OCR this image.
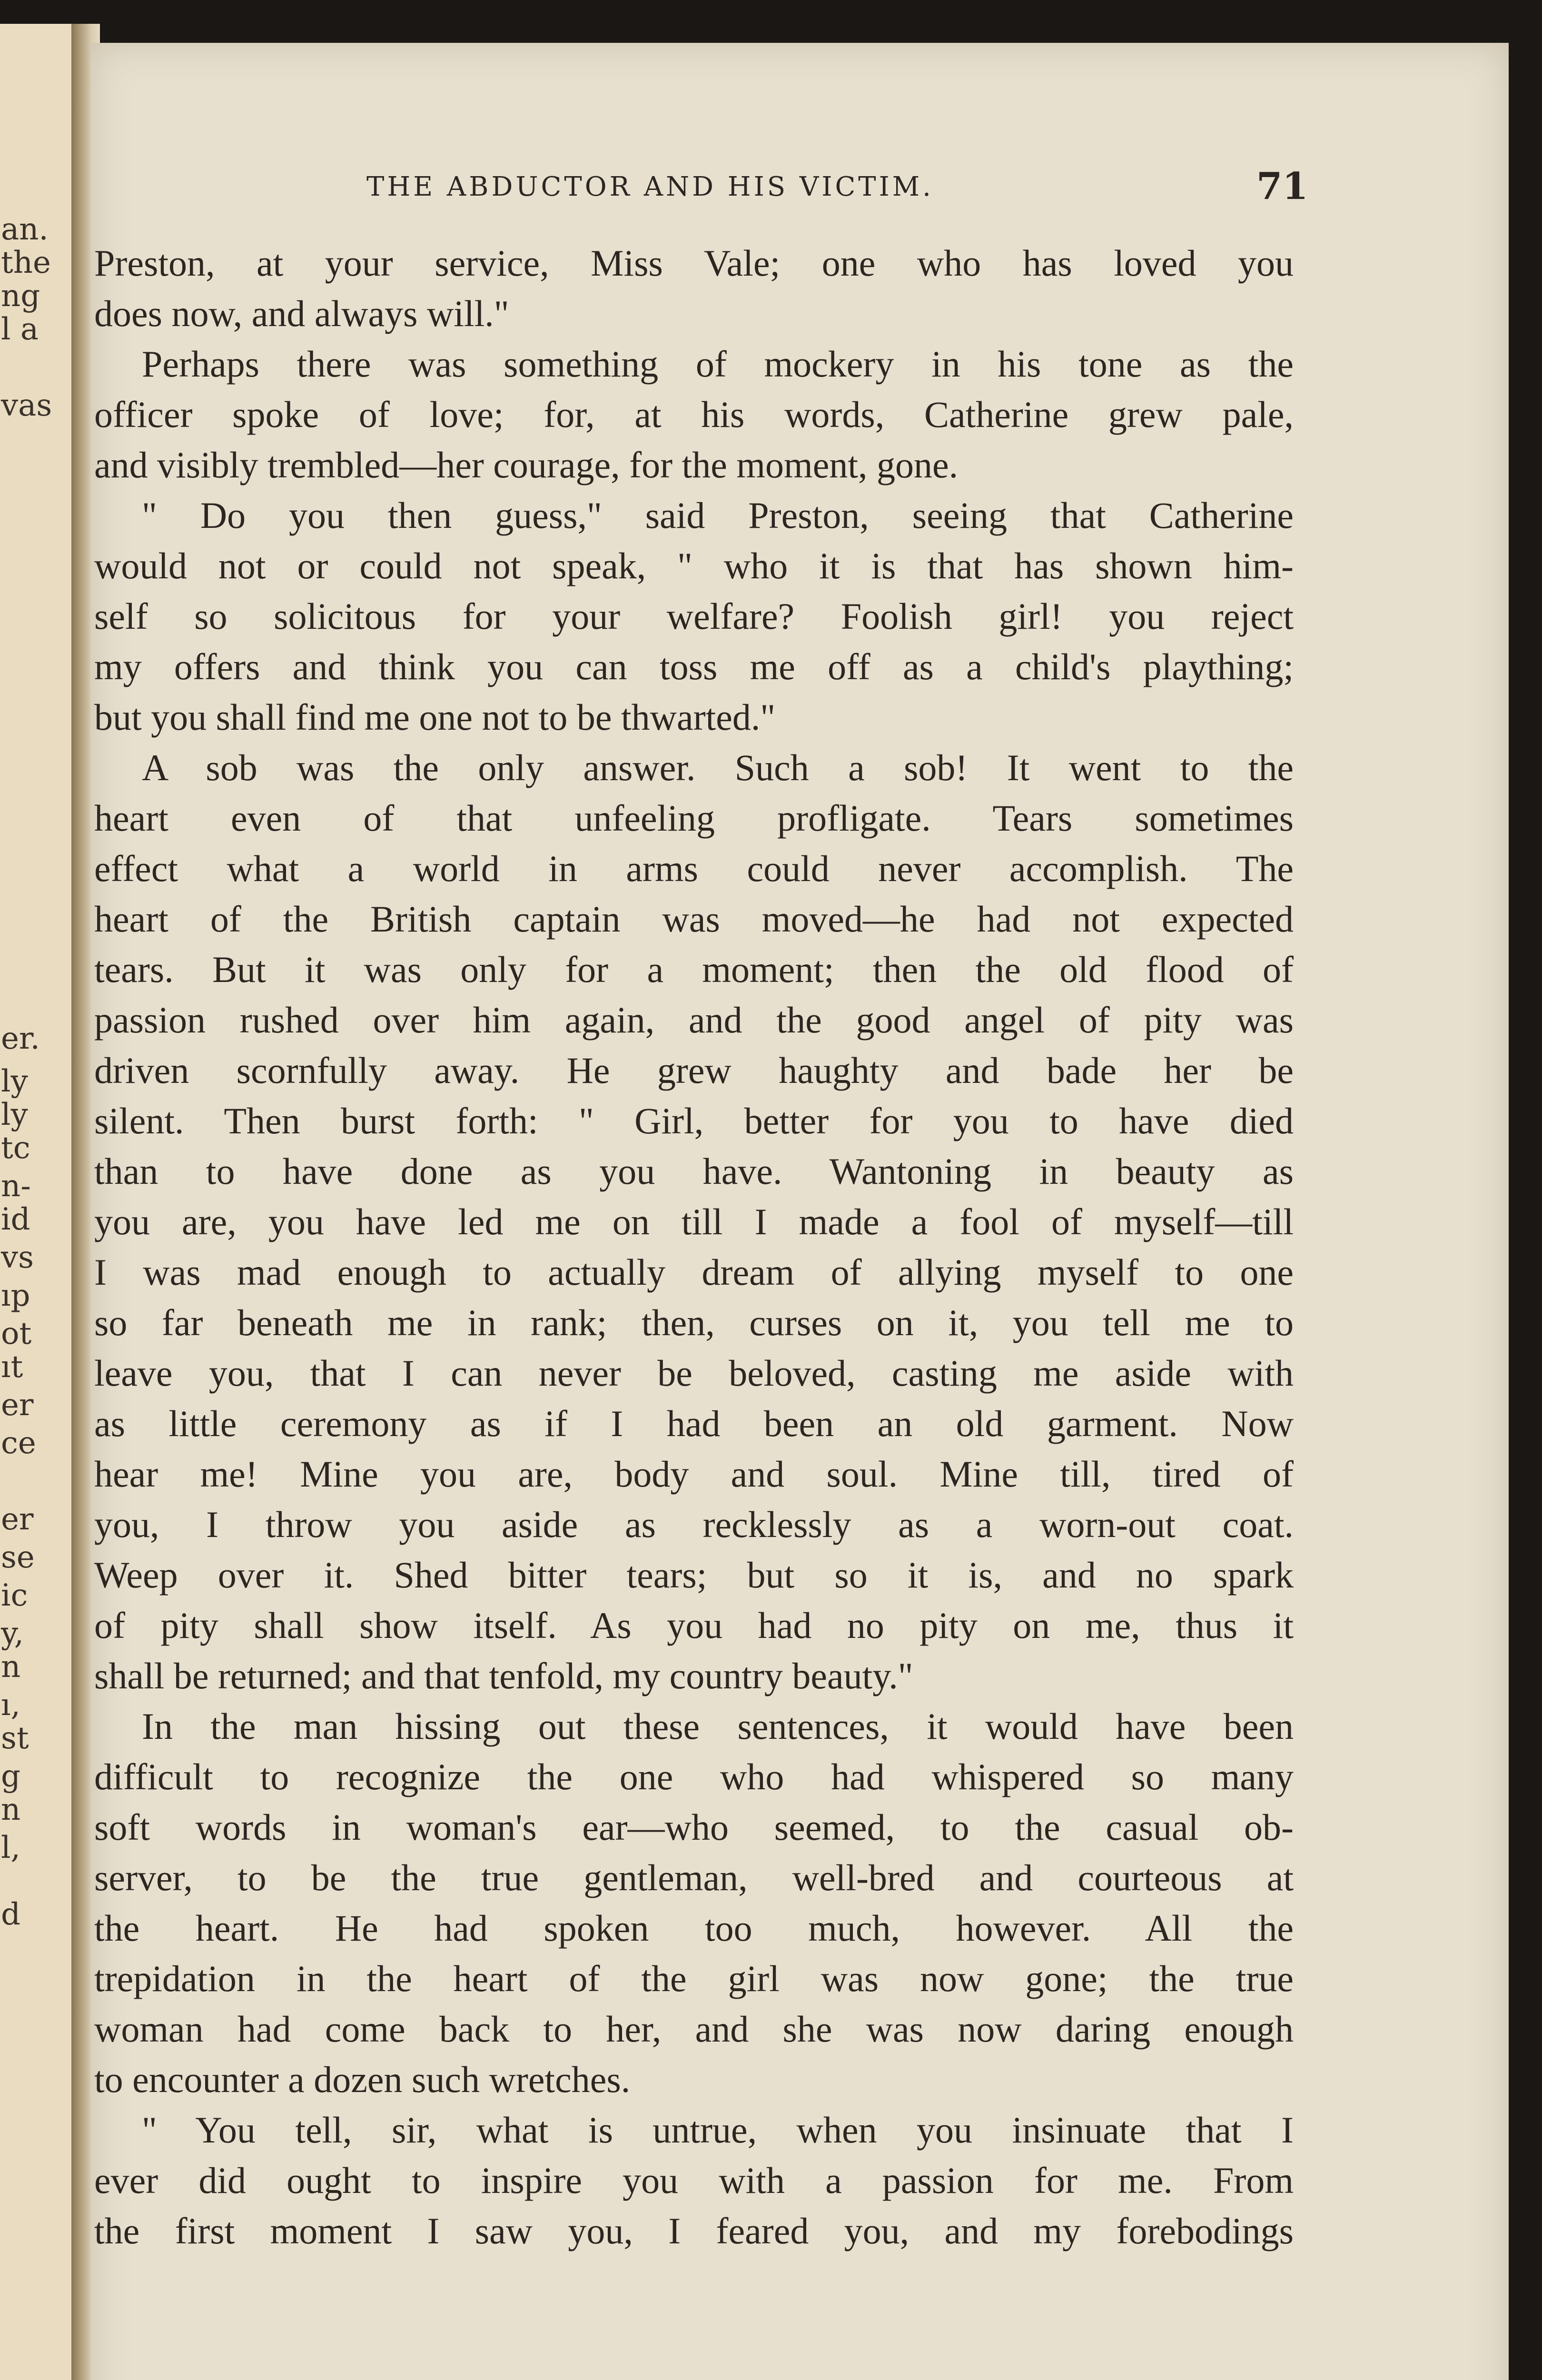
an.
the
ng
l a
vas
er.
ly
ly
tc
n-
id
vs
ıp
ot
ıt
er
ce
er
se
ic
y,
n
ı,
st
g
n
l,
d
THE ABDUCTOR AND HIS VICTIM.	71
Preston, at your service, Miss Vale; one who has loved you
does now, and always will."
Perhaps there was something of mockery in his tone as the
officer spoke of love; for, at his words, Catherine grew pale,
and visibly trembled—her courage, for the moment, gone.
" Do you then guess," said Preston, seeing that Catherine
would not or could not speak, " who it is that has shown him-
self so solicitous for your welfare? Foolish girl! you reject
my offers and think you can toss me off as a child's plaything;
but you shall find me one not to be thwarted."
A sob was the only answer. Such a sob! It went to the
heart even of that unfeeling profligate. Tears sometimes
effect what a world in arms could never accomplish. The
heart of the British captain was moved—he had not expected
tears. But it was only for a moment; then the old flood of
passion rushed over him again, and the good angel of pity was
driven scornfully away. He grew haughty and bade her be
silent. Then burst forth: " Girl, better for you to have died
than to have done as you have. Wantoning in beauty as
you are, you have led me on till I made a fool of myself—till
I was mad enough to actually dream of allying myself to one
so far beneath me in rank; then, curses on it, you tell me to
leave you, that I can never be beloved, casting me aside with
as little ceremony as if I had been an old garment. Now
hear me! Mine you are, body and soul. Mine till, tired of
you, I throw you aside as recklessly as a worn-out coat.
Weep over it. Shed bitter tears; but so it is, and no spark
of pity shall show itself. As you had no pity on me, thus it
shall be returned; and that tenfold, my country beauty."
In the man hissing out these sentences, it would have been
difficult to recognize the one who had whispered so many
soft words in woman's ear—who seemed, to the casual ob-
server, to be the true gentleman, well-bred and courteous at
the heart. He had spoken too much, however. All the
trepidation in the heart of the girl was now gone; the true
woman had come back to her, and she was now daring enough
to encounter a dozen such wretches.
" You tell, sir, what is untrue, when you insinuate that I
ever did ought to inspire you with a passion for me. From
the first moment I saw you, I feared you, and my forebodings
